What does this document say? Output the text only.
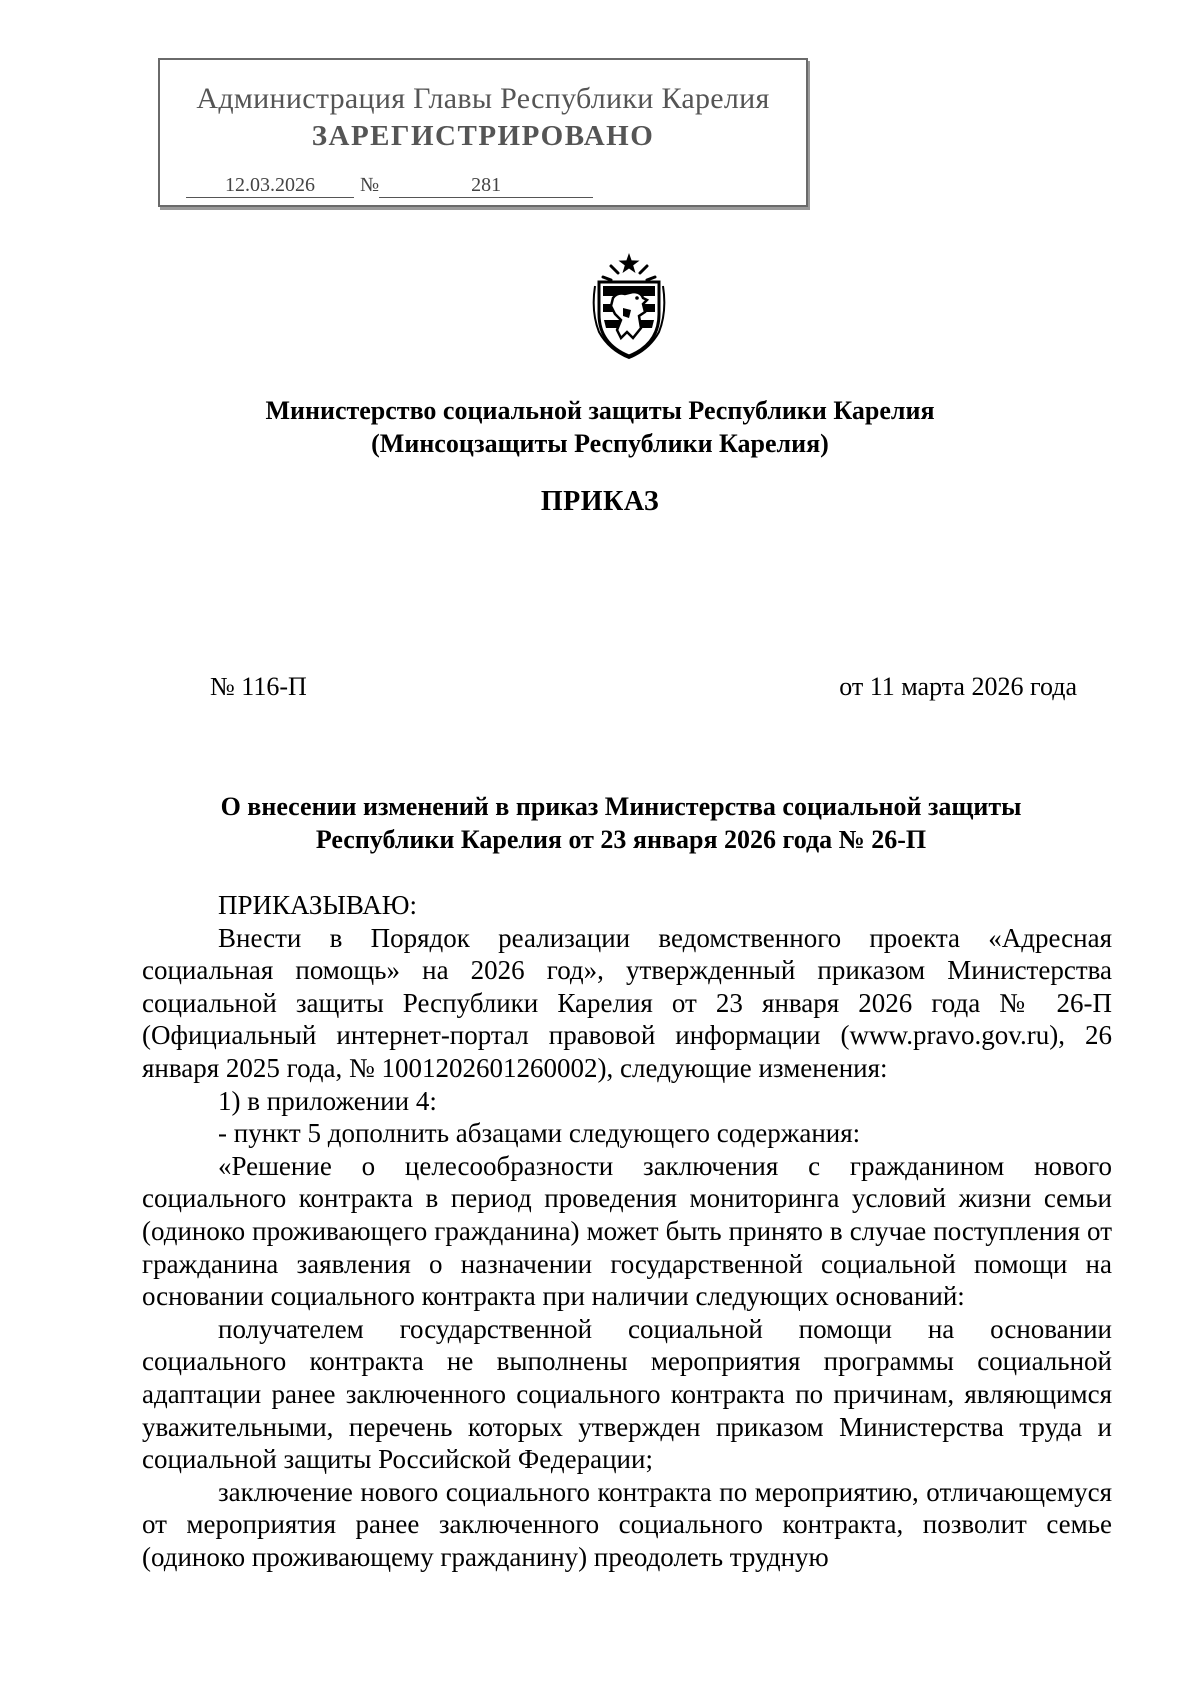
Администрация Главы Республики Карелия
ЗАРЕГИСТРИРОВАНО
12.03.2026 №	281
Министерство социальной защиты Республики Карелия
(Минсоцзащиты Республики Карелия)
ПРИКАЗ
№ 116-П	от 11 марта 2026 года
О внесении изменений в приказ Министерства социальной защиты
Республики Карелия от 23 января 2026 года № 26-П

ПРИКАЗЫВАЮ:

Внести в Порядок реализации ведомственного проекта «Адресная социальная помощь» на 2026 год», утвержденный приказом Министерства социальной защиты Республики Карелия от 23 января 2026 года № 26-П (Официальный интернет-портал правовой информации (www.pravo.gov.ru), 26 января 2025 года, № 1001202601260002), следующие изменения:

1) в приложении 4:

- пункт 5 дополнить абзацами следующего содержания:

«Решение о целесообразности заключения с гражданином нового социального контракта в период проведения мониторинга условий жизни семьи (одиноко проживающего гражданина) может быть принято в случае поступления от гражданина заявления о назначении государственной социальной помощи на основании социального контракта при наличии следующих оснований:

получателем государственной социальной помощи на основании социального контракта не выполнены мероприятия программы социальной адаптации ранее заключенного социального контракта по причинам, являющимся уважительными, перечень которых утвержден приказом Министерства труда и социальной защиты Российской Федерации;

заключение нового социального контракта по мероприятию, отличающемуся от мероприятия ранее заключенного социального контракта, позволит семье (одиноко проживающему гражданину) преодолеть трудную
